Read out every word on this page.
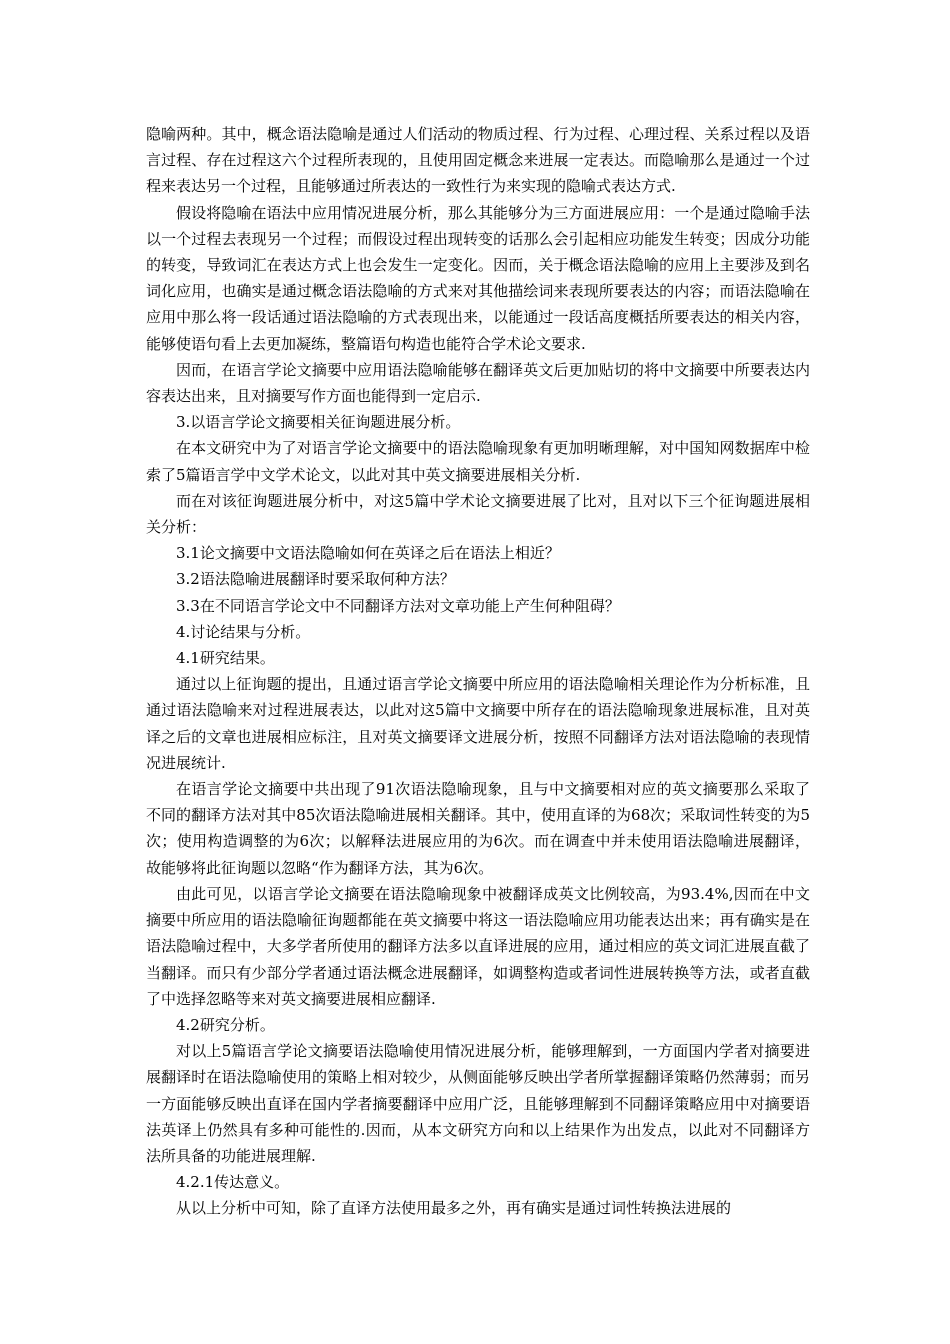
隐喻两种。其中，概念语法隐喻是通过人们活动的物质过程、行为过程、心理过程、关系过程以及语言过程、存在过程这六个过程所表现的，且使用固定概念来进展一定表达。而隐喻那么是通过一个过程来表达另一个过程，且能够通过所表达的一致性行为来实现的隐喻式表达方式.

假设将隐喻在语法中应用情况进展分析，那么其能够分为三方面进展应用：一个是通过隐喻手法以一个过程去表现另一个过程；而假设过程出现转变的话那么会引起相应功能发生转变；因成分功能的转变，导致词汇在表达方式上也会发生一定变化。因而，关于概念语法隐喻的应用上主要涉及到名词化应用，也确实是通过概念语法隐喻的方式来对其他描绘词来表现所要表达的内容；而语法隐喻在应用中那么将一段话通过语法隐喻的方式表现出来，以能通过一段话高度概括所要表达的相关内容，能够使语句看上去更加凝练，整篇语句构造也能符合学术论文要求.

因而，在语言学论文摘要中应用语法隐喻能够在翻译英文后更加贴切的将中文摘要中所要表达内容表达出来，且对摘要写作方面也能得到一定启示.

3.以语言学论文摘要相关征询题进展分析。

在本文研究中为了对语言学论文摘要中的语法隐喻现象有更加明晰理解，对中国知网数据库中检索了5篇语言学中文学术论文，以此对其中英文摘要进展相关分析.

而在对该征询题进展分析中，对这5篇中学术论文摘要进展了比对，且对以下三个征询题进展相关分析：

3.1论文摘要中文语法隐喻如何在英译之后在语法上相近？

3.2语法隐喻进展翻译时要采取何种方法？

3.3在不同语言学论文中不同翻译方法对文章功能上产生何种阻碍？

4.讨论结果与分析。

4.1研究结果。

通过以上征询题的提出，且通过语言学论文摘要中所应用的语法隐喻相关理论作为分析标准，且通过语法隐喻来对过程进展表达，以此对这5篇中文摘要中所存在的语法隐喻现象进展标准，且对英译之后的文章也进展相应标注，且对英文摘要译文进展分析，按照不同翻译方法对语法隐喻的表现情况进展统计.

在语言学论文摘要中共出现了91次语法隐喻现象，且与中文摘要相对应的英文摘要那么采取了不同的翻译方法对其中85次语法隐喻进展相关翻译。其中，使用直译的为68次；采取词性转变的为5次；使用构造调整的为6次；以解释法进展应用的为6次。而在调查中并未使用语法隐喻进展翻译，故能够将此征询题以忽略“作为翻译方法，其为6次。

由此可见，以语言学论文摘要在语法隐喻现象中被翻译成英文比例较高，为93.4%,因而在中文摘要中所应用的语法隐喻征询题都能在英文摘要中将这一语法隐喻应用功能表达出来；再有确实是在语法隐喻过程中，大多学者所使用的翻译方法多以直译进展的应用，通过相应的英文词汇进展直截了当翻译。而只有少部分学者通过语法概念进展翻译，如调整构造或者词性进展转换等方法，或者直截了中选择忽略等来对英文摘要进展相应翻译.

4.2研究分析。

对以上5篇语言学论文摘要语法隐喻使用情况进展分析，能够理解到，一方面国内学者对摘要进展翻译时在语法隐喻使用的策略上相对较少，从侧面能够反映出学者所掌握翻译策略仍然薄弱；而另一方面能够反映出直译在国内学者摘要翻译中应用广泛，且能够理解到不同翻译策略应用中对摘要语法英译上仍然具有多种可能性的.因而，从本文研究方向和以上结果作为出发点，以此对不同翻译方法所具备的功能进展理解.

4.2.1传达意义。

从以上分析中可知，除了直译方法使用最多之外，再有确实是通过词性转换法进展的
